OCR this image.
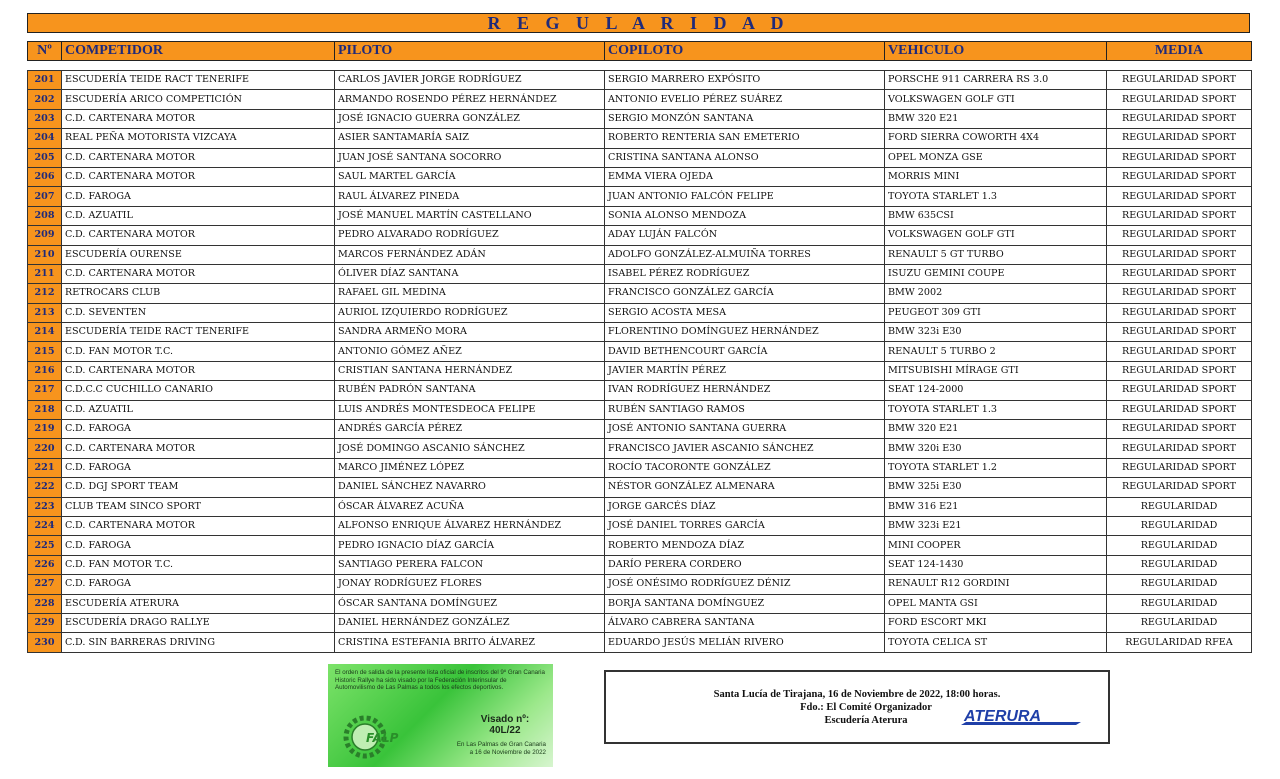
R E G U L A R I D A D
Nº	COMPETIDOR	PILOTO	COPILOTO	VEHICULO	MEDIA
201	ESCUDERÍA TEIDE RACT TENERIFE	CARLOS JAVIER JORGE RODRÍGUEZ	SERGIO MARRERO EXPÓSITO	PORSCHE 911 CARRERA RS 3.0	REGULARIDAD SPORT
202	ESCUDERÍA ARICO COMPETICIÓN	ARMANDO ROSENDO PÉREZ HERNÁNDEZ	ANTONIO EVELIO PÉREZ SUÁREZ	VOLKSWAGEN GOLF GTI	REGULARIDAD SPORT
203	C.D. CARTENARA MOTOR	JOSÉ IGNACIO GUERRA GONZÁLEZ	SERGIO MONZÓN SANTANA	BMW 320 E21	REGULARIDAD SPORT
204	REAL PEÑA MOTORISTA VIZCAYA	ASIER SANTAMARÍA SAIZ	ROBERTO RENTERIA SAN EMETERIO	FORD SIERRA COWORTH 4X4	REGULARIDAD SPORT
205	C.D. CARTENARA MOTOR	JUAN JOSÉ SANTANA SOCORRO	CRISTINA SANTANA ALONSO	OPEL MONZA GSE	REGULARIDAD SPORT
206	C.D. CARTENARA MOTOR	SAUL MARTEL GARCÍA	EMMA VIERA OJEDA	MORRIS MINI	REGULARIDAD SPORT
207	C.D. FAROGA	RAUL ÁLVAREZ PINEDA	JUAN ANTONIO FALCÓN FELIPE	TOYOTA STARLET 1.3	REGULARIDAD SPORT
208	C.D. AZUATIL	JOSÉ MANUEL MARTÍN CASTELLANO	SONIA ALONSO MENDOZA	BMW 635CSI	REGULARIDAD SPORT
209	C.D. CARTENARA MOTOR	PEDRO ALVARADO RODRÍGUEZ	ADAY LUJÁN FALCÓN	VOLKSWAGEN GOLF GTI	REGULARIDAD SPORT
210	ESCUDERÍA OURENSE	MARCOS FERNÁNDEZ ADÁN	ADOLFO GONZÁLEZ-ALMUIÑA TORRES	RENAULT 5 GT TURBO	REGULARIDAD SPORT
211	C.D. CARTENARA MOTOR	ÓLIVER DÍAZ SANTANA	ISABEL PÉREZ RODRÍGUEZ	ISUZU GEMINI COUPE	REGULARIDAD SPORT
212	RETROCARS CLUB	RAFAEL GIL MEDINA	FRANCISCO GONZÁLEZ GARCÍA	BMW 2002	REGULARIDAD SPORT
213	C.D. SEVENTEN	AURIOL IZQUIERDO RODRÍGUEZ	SERGIO ACOSTA MESA	PEUGEOT 309 GTI	REGULARIDAD SPORT
214	ESCUDERÍA TEIDE RACT TENERIFE	SANDRA ARMEÑO MORA	FLORENTINO DOMÍNGUEZ HERNÁNDEZ	BMW 323i E30	REGULARIDAD SPORT
215	C.D. FAN MOTOR T.C.	ANTONIO GÓMEZ AÑEZ	DAVID BETHENCOURT GARCÍA	RENAULT 5 TURBO 2	REGULARIDAD SPORT
216	C.D. CARTENARA MOTOR	CRISTIAN SANTANA HERNÁNDEZ	JAVIER MARTÍN PÉREZ	MITSUBISHI MÍRAGE GTI	REGULARIDAD SPORT
217	C.D.C.C CUCHILLO CANARIO	RUBÉN PADRÓN SANTANA	IVAN RODRÍGUEZ HERNÁNDEZ	SEAT 124-2000	REGULARIDAD SPORT
218	C.D. AZUATIL	LUIS ANDRÉS MONTESDEOCA FELIPE	RUBÉN SANTIAGO RAMOS	TOYOTA STARLET 1.3	REGULARIDAD SPORT
219	C.D. FAROGA	ANDRÉS GARCÍA PÉREZ	JOSÉ ANTONIO SANTANA GUERRA	BMW 320 E21	REGULARIDAD SPORT
220	C.D. CARTENARA MOTOR	JOSÉ DOMINGO ASCANIO SÁNCHEZ	FRANCISCO JAVIER ASCANIO SÁNCHEZ	BMW 320i E30	REGULARIDAD SPORT
221	C.D. FAROGA	MARCO JIMÉNEZ LÓPEZ	ROCÍO TACORONTE GONZÁLEZ	TOYOTA STARLET 1.2	REGULARIDAD SPORT
222	C.D. DGJ SPORT TEAM	DANIEL SÁNCHEZ NAVARRO	NÉSTOR GONZÁLEZ ALMENARA	BMW 325i E30	REGULARIDAD SPORT
223	CLUB TEAM SINCO SPORT	ÓSCAR ÁLVAREZ ACUÑA	JORGE GARCÉS DÍAZ	BMW 316 E21	REGULARIDAD
224	C.D. CARTENARA MOTOR	ALFONSO ENRIQUE ÁLVAREZ HERNÁNDEZ	JOSÉ DANIEL TORRES GARCÍA	BMW 323i E21	REGULARIDAD
225	C.D. FAROGA	PEDRO IGNACIO DÍAZ GARCÍA	ROBERTO MENDOZA DÍAZ	MINI COOPER	REGULARIDAD
226	C.D. FAN MOTOR T.C.	SANTIAGO PERERA FALCON	DARÍO PERERA CORDERO	SEAT 124-1430	REGULARIDAD
227	C.D. FAROGA	JONAY RODRÍGUEZ FLORES	JOSÉ ONÉSIMO RODRÍGUEZ DÉNIZ	RENAULT R12 GORDINI	REGULARIDAD
228	ESCUDERÍA ATERURA	ÓSCAR SANTANA DOMÍNGUEZ	BORJA SANTANA DOMÍNGUEZ	OPEL MANTA GSI	REGULARIDAD
229	ESCUDERÍA DRAGO RALLYE	DANIEL HERNÁNDEZ GONZÁLEZ	ÁLVARO CABRERA SANTANA	FORD ESCORT MKI	REGULARIDAD
230	C.D. SIN BARRERAS DRIVING	CRISTINA ESTEFANIA BRITO ÁLVAREZ	EDUARDO JESÚS MELIÁN RIVERO	TOYOTA CELICA ST	REGULARIDAD RFEA
El orden de salida de la presente lista oficial de inscritos del 9º Gran Canaria Historic Rallye ha sido visado por la Federación Interinsular de Automovilismo de Las Palmas a todos los efectos deportivos.
FALP
Visado nº:
40L/22
En Las Palmas de Gran Canaria
a 16 de Noviembre de 2022
Santa Lucía de Tirajana, 16 de Noviembre de 2022, 18:00 horas.
Fdo.: El Comité Organizador
Escudería Aterura	ATERURA
